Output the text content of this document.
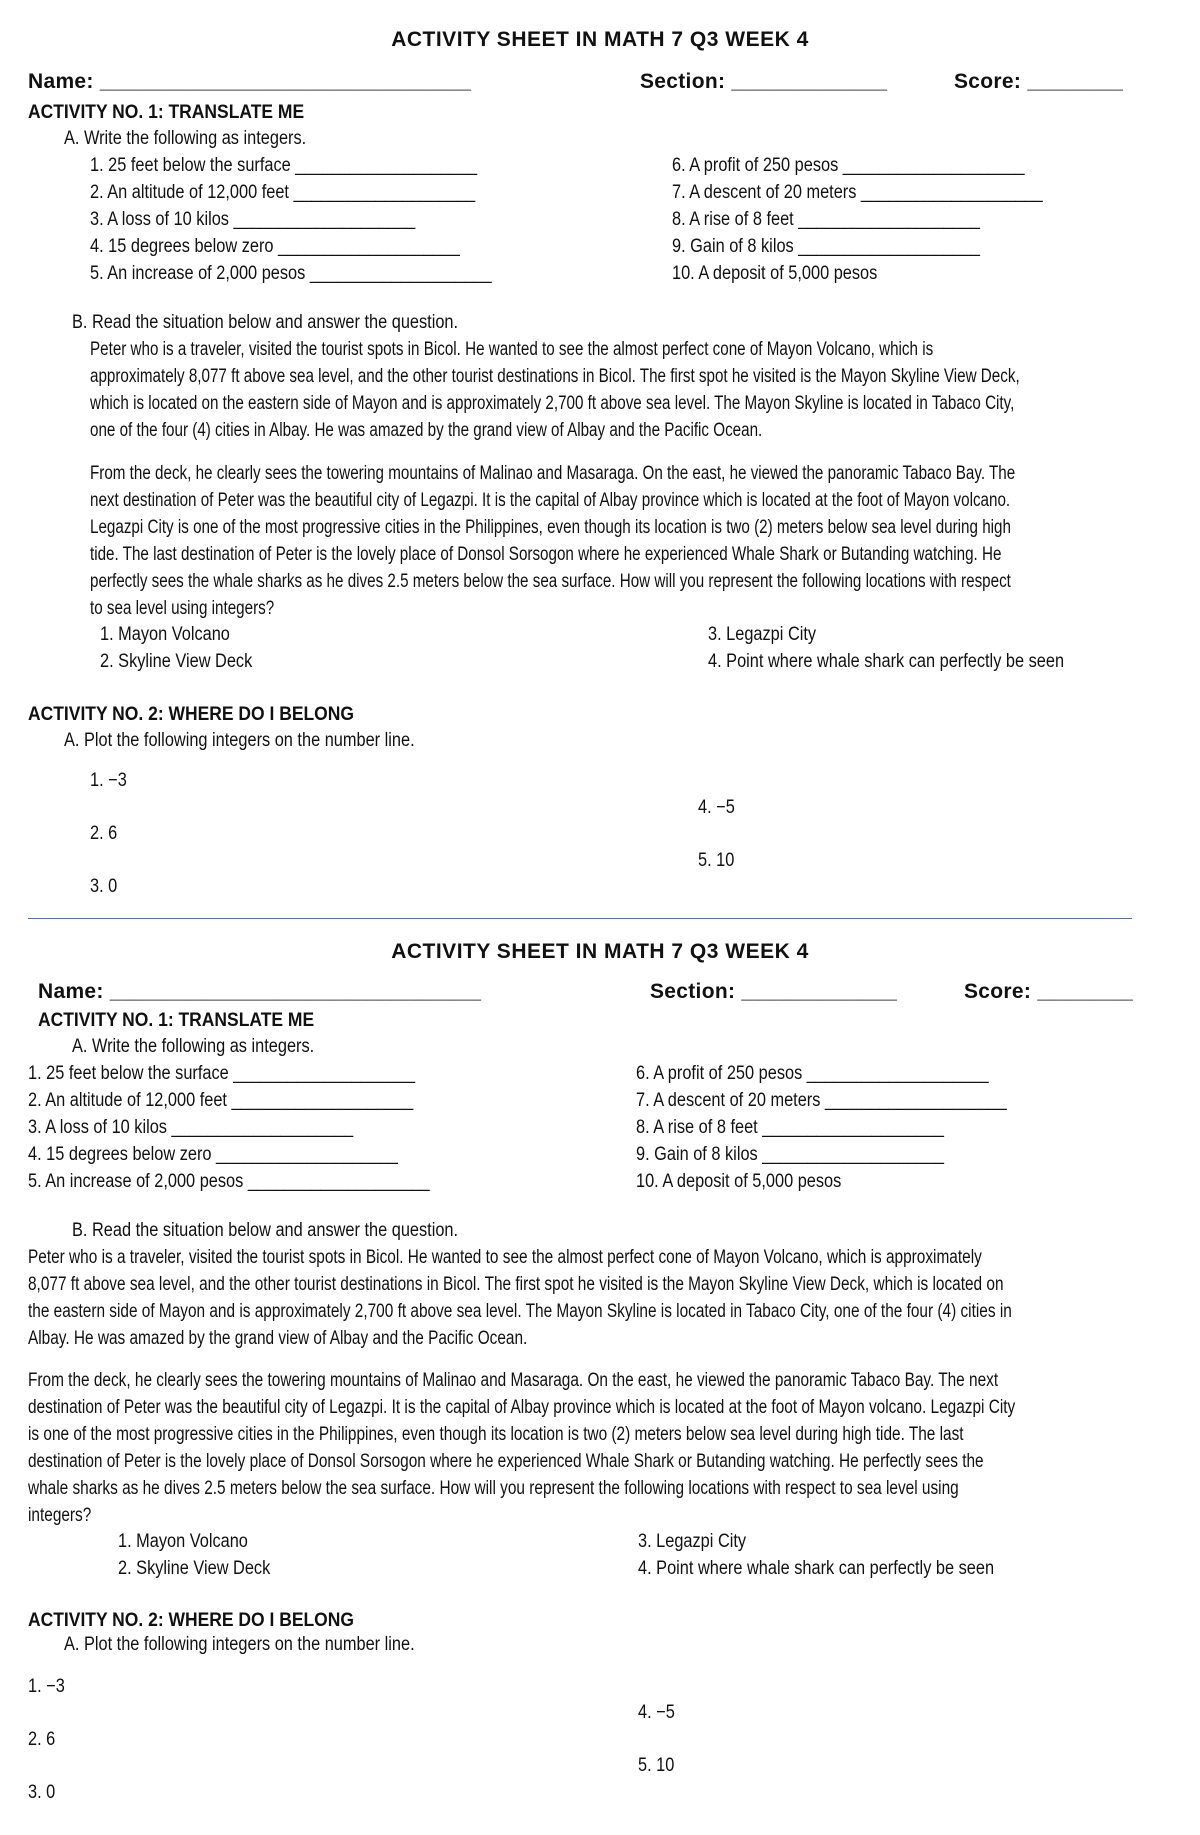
ACTIVITY SHEET IN MATH 7 Q3 WEEK 4
Name: _______________________________	Section: _____________	Score: ________
ACTIVITY NO. 1: TRANSLATE ME
A. Write the following as integers.
1. 25 feet below the surface ____________________
2. An altitude of 12,000 feet ____________________
3. A loss of 10 kilos ____________________
4. 15 degrees below zero ____________________
5. An increase of 2,000 pesos ____________________
6. A profit of 250 pesos ____________________
7. A descent of 20 meters ____________________
8. A rise of 8 feet ____________________
9. Gain of 8 kilos ____________________
10. A deposit of 5,000 pesos
B. Read the situation below and answer the question.
Peter who is a traveler, visited the tourist spots in Bicol. He wanted to see the almost perfect cone of Mayon Volcano, which is
approximately 8,077 ft above sea level, and the other tourist destinations in Bicol. The first spot he visited is the Mayon Skyline View Deck,
which is located on the eastern side of Mayon and is approximately 2,700 ft above sea level. The Mayon Skyline is located in Tabaco City,
one of the four (4) cities in Albay. He was amazed by the grand view of Albay and the Pacific Ocean.
From the deck, he clearly sees the towering mountains of Malinao and Masaraga. On the east, he viewed the panoramic Tabaco Bay. The
next destination of Peter was the beautiful city of Legazpi. It is the capital of Albay province which is located at the foot of Mayon volcano.
Legazpi City is one of the most progressive cities in the Philippines, even though its location is two (2) meters below sea level during high
tide. The last destination of Peter is the lovely place of Donsol Sorsogon where he experienced Whale Shark or Butanding watching. He
perfectly sees the whale sharks as he dives 2.5 meters below the sea surface. How will you represent the following locations with respect
to sea level using integers?
1. Mayon Volcano
2. Skyline View Deck
3. Legazpi City
4. Point where whale shark can perfectly be seen
ACTIVITY NO. 2: WHERE DO I BELONG
A. Plot the following integers on the number line.
1. −3
2. 6
3. 0
4. −5
5. 10
ACTIVITY SHEET IN MATH 7 Q3 WEEK 4
Name: _______________________________	Section: _____________	Score: ________
ACTIVITY NO. 1: TRANSLATE ME
A. Write the following as integers.
1. 25 feet below the surface ____________________
2. An altitude of 12,000 feet ____________________
3. A loss of 10 kilos ____________________
4. 15 degrees below zero ____________________
5. An increase of 2,000 pesos ____________________
6. A profit of 250 pesos ____________________
7. A descent of 20 meters ____________________
8. A rise of 8 feet ____________________
9. Gain of 8 kilos ____________________
10. A deposit of 5,000 pesos
B. Read the situation below and answer the question.
Peter who is a traveler, visited the tourist spots in Bicol. He wanted to see the almost perfect cone of Mayon Volcano, which is approximately
8,077 ft above sea level, and the other tourist destinations in Bicol. The first spot he visited is the Mayon Skyline View Deck, which is located on
the eastern side of Mayon and is approximately 2,700 ft above sea level. The Mayon Skyline is located in Tabaco City, one of the four (4) cities in
Albay. He was amazed by the grand view of Albay and the Pacific Ocean.
From the deck, he clearly sees the towering mountains of Malinao and Masaraga. On the east, he viewed the panoramic Tabaco Bay. The next
destination of Peter was the beautiful city of Legazpi. It is the capital of Albay province which is located at the foot of Mayon volcano. Legazpi City
is one of the most progressive cities in the Philippines, even though its location is two (2) meters below sea level during high tide. The last
destination of Peter is the lovely place of Donsol Sorsogon where he experienced Whale Shark or Butanding watching. He perfectly sees the
whale sharks as he dives 2.5 meters below the sea surface. How will you represent the following locations with respect to sea level using
integers?
1. Mayon Volcano
2. Skyline View Deck
3. Legazpi City
4. Point where whale shark can perfectly be seen
ACTIVITY NO. 2: WHERE DO I BELONG
A. Plot the following integers on the number line.
1. −3
2. 6
3. 0
4. −5
5. 10
